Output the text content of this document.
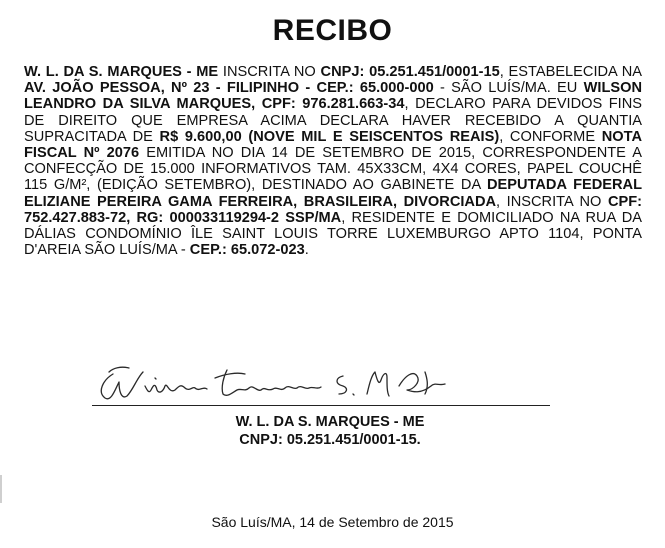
RECIBO
W. L. DA S. MARQUES - ME INSCRITA NO CNPJ: 05.251.451/0001-15, ESTABELECIDA NA AV. JOÃO PESSOA, Nº 23 - FILIPINHO - CEP.: 65.000-000 - SÃO LUÍS/MA. EU WILSON LEANDRO DA SILVA MARQUES, CPF: 976.281.663-34, DECLARO PARA DEVIDOS FINS DE DIREITO QUE EMPRESA ACIMA DECLARA HAVER RECEBIDO A QUANTIA SUPRACITADA DE R$ 9.600,00 (NOVE MIL E SEISCENTOS REAIS), CONFORME NOTA FISCAL Nº 2076 EMITIDA NO DIA 14 DE SETEMBRO DE 2015, CORRESPONDENTE A CONFECÇÃO DE 15.000 INFORMATIVOS TAM. 45X33CM, 4X4 CORES, PAPEL COUCHÊ 115 G/M², (EDIÇÃO SETEMBRO), DESTINADO AO GABINETE DA DEPUTADA FEDERAL ELIZIANE PEREIRA GAMA FERREIRA, BRASILEIRA, DIVORCIADA, INSCRITA NO CPF: 752.427.883-72, RG: 000033119294-2 SSP/MA, RESIDENTE E DOMICILIADO NA RUA DA DÁLIAS CONDOMÍNIO ÎLE SAINT LOUIS TORRE LUXEMBURGO APTO 1104, PONTA D'AREIA SÃO LUÍS/MA - CEP.: 65.072-023.
W. L. DA S. MARQUES - ME
CNPJ: 05.251.451/0001-15.
São Luís/MA, 14 de Setembro de 2015
